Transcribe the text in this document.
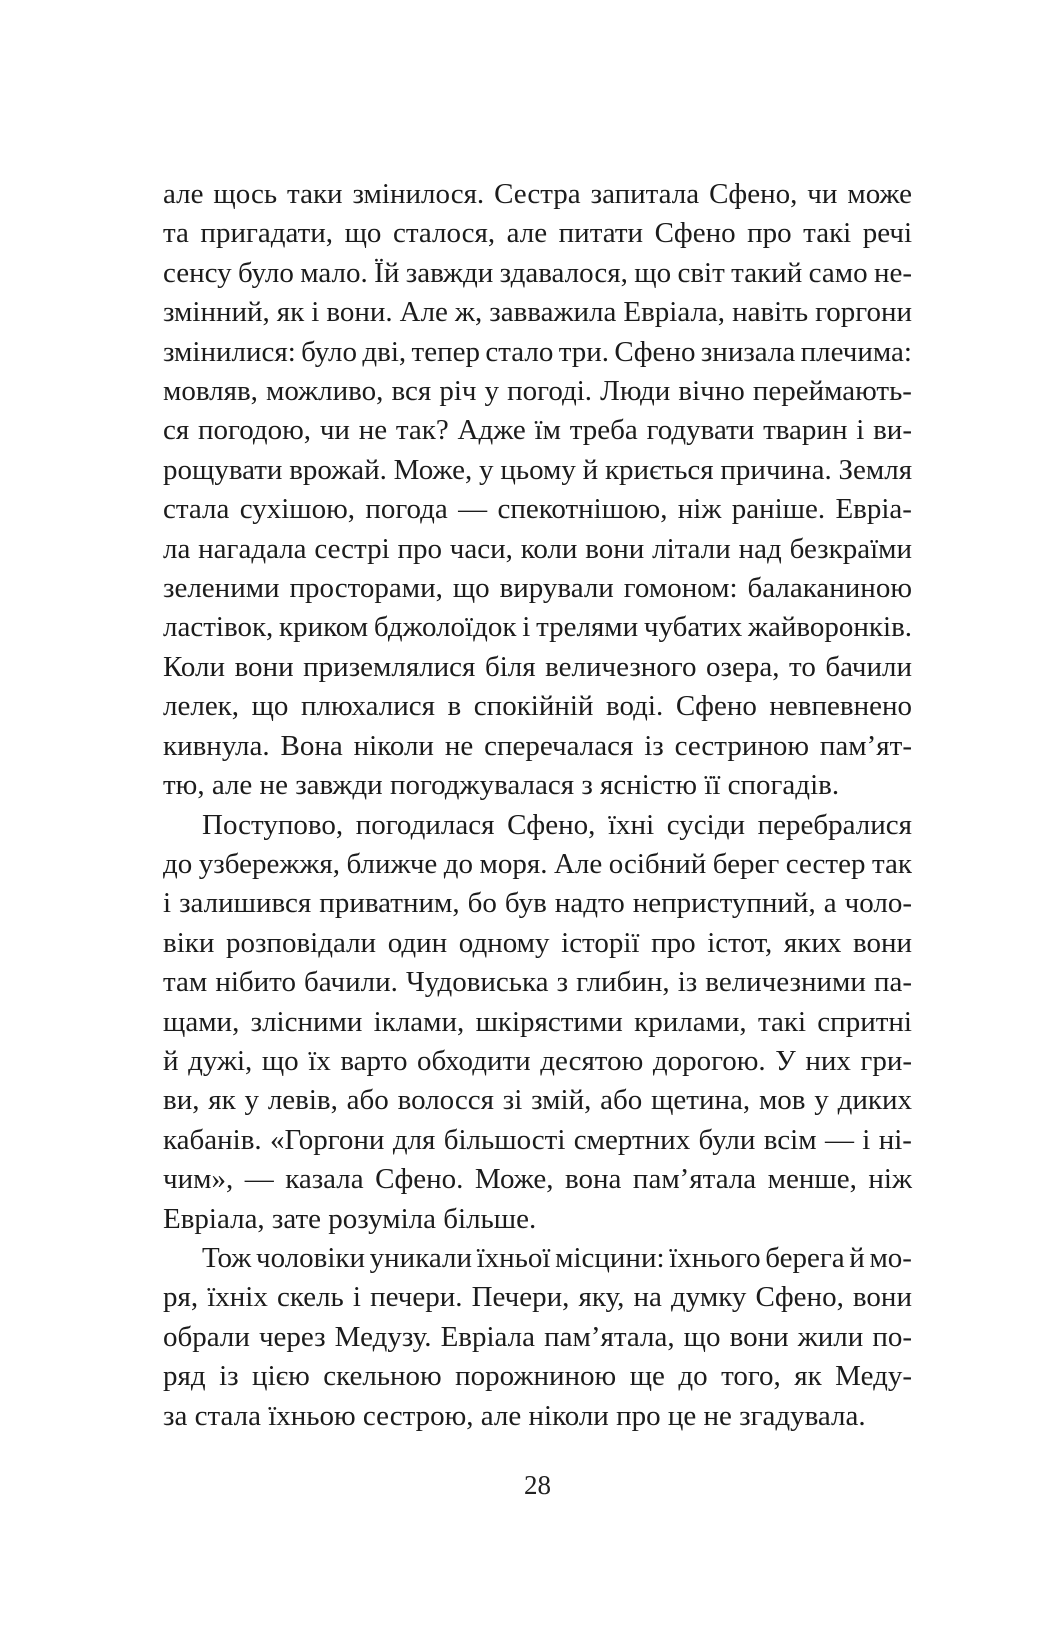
але щось таки змінилося. Сестра запитала Сфено, чи може
та пригадати, що сталося, але питати Сфено про такі речі
сенсу було мало. Їй завжди здавалося, що світ такий само не-
змінний, як і вони. Але ж, завважила Евріала, навіть горгони
змінилися: було дві, тепер стало три. Сфено знизала плечима:
мовляв, можливо, вся річ у погоді. Люди вічно переймають-
ся погодою, чи не так? Адже їм треба годувати тварин і ви-
рощувати врожай. Може, у цьому й криється причина. Земля
стала сухішою, погода — спекотнішою, ніж раніше. Евріа-
ла нагадала сестрі про часи, коли вони літали над безкраїми
зеленими просторами, що вирували гомоном: балаканиною
ластівок, криком бджолоїдок і трелями чубатих жайворонків.
Коли вони приземлялися біля величезного озера, то бачили
лелек, що плюхалися в спокійній воді. Сфено невпевнено
кивнула. Вона ніколи не сперечалася із сестриною пам’ят-
тю, але не завжди погоджувалася з ясністю її спогадів.
Поступово, погодилася Сфено, їхні сусіди перебралися
до узбережжя, ближче до моря. Але осібний берег сестер так
і залишився приватним, бо був надто неприступний, а чоло-
віки розповідали один одному історії про істот, яких вони
там нібито бачили. Чудовиська з глибин, із величезними па-
щами, злісними іклами, шкірястими крилами, такі спритні
й дужі, що їх варто обходити десятою дорогою. У них гри-
ви, як у левів, або волосся зі змій, або щетина, мов у диких
кабанів. «Горгони для більшості смертних були всім — і ні-
чим», — казала Сфено. Може, вона пам’ятала менше, ніж
Евріала, зате розуміла більше.
Тож чоловіки уникали їхньої місцини: їхнього берега й мо-
ря, їхніх скель і печери. Печери, яку, на думку Сфено, вони
обрали через Медузу. Евріала пам’ятала, що вони жили по-
ряд із цією скельною порожниною ще до того, як Меду-
за стала їхньою сестрою, але ніколи про це не згадувала.
28
